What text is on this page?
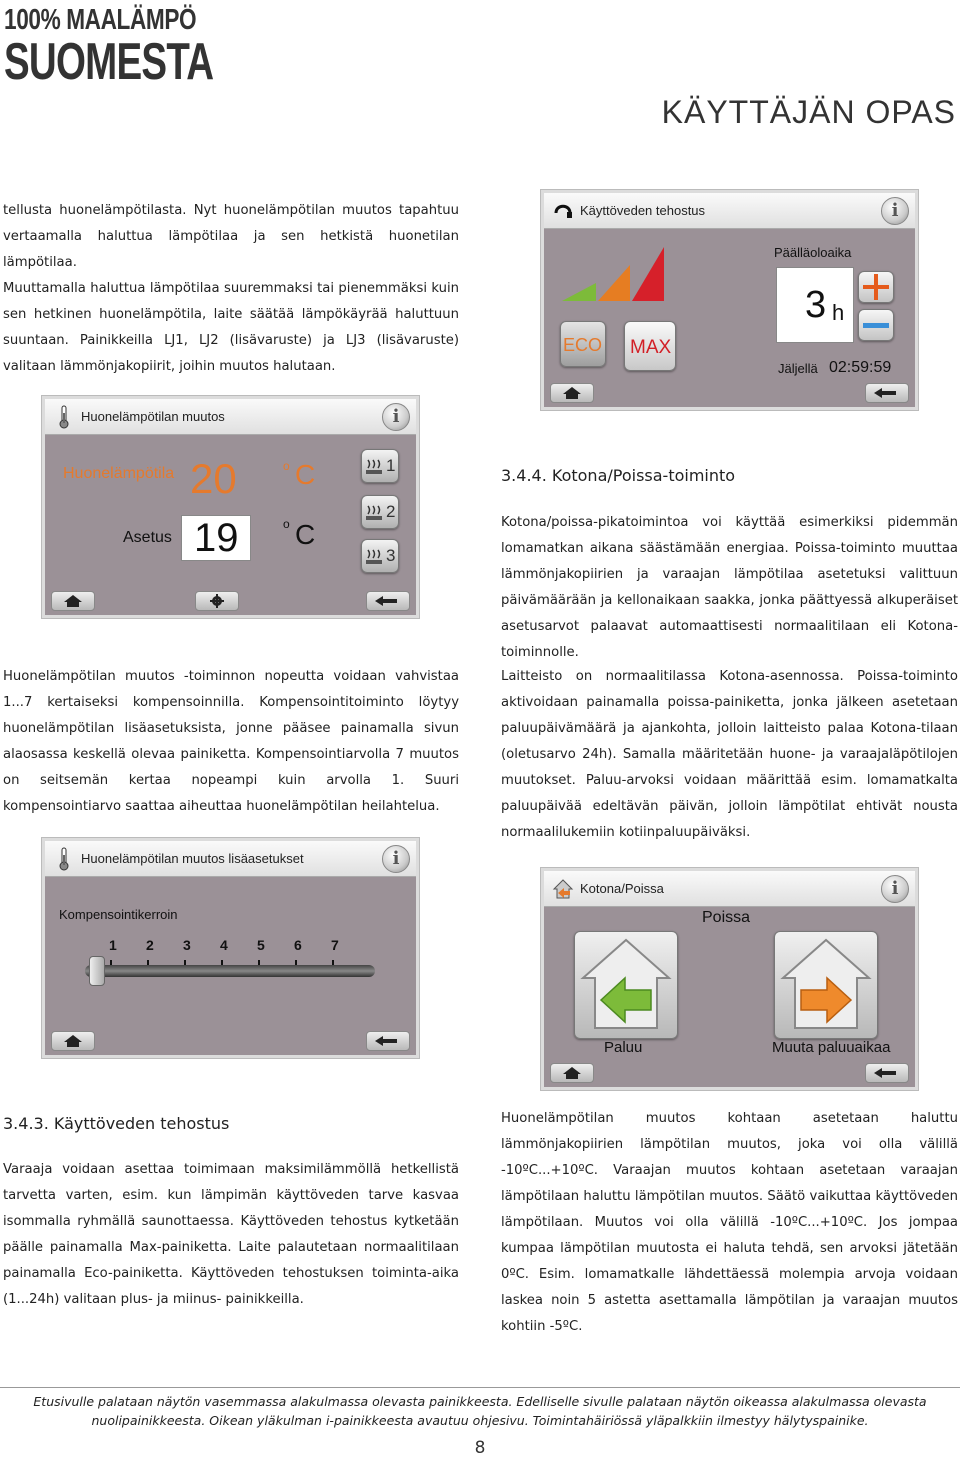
100% MAALÄMPÖ
SUOMESTA
KÄYTTÄJÄN OPAS
tellusta huonelämpötilasta. Nyt huonelämpötilan muutos tapahtuu vertaamalla haluttua lämpötilaa ja sen hetkistä huonetilan lämpötilaa.
Muuttamalla haluttua lämpötilaa suuremmaksi tai pienemmäksi kuin sen hetkinen huonelämpötila, laite säätää lämpökäyrää haluttuun suuntaan. Painikkeilla LJ1, LJ2 (lisävaruste) ja LJ3 (lisävaruste) valitaan lämmönjakopiirit, joihin muutos halutaan.
Käyttöveden tehostus	i
Päälläoloaika
3 h
ECO MAX
Jäljellä 02:59:59
Huonelämpötilan muutos	i
Huonelämpötila 20	o C
Asetus 19	o C
1
2
3
3.4.4. Kotona/Poissa-toiminto
Kotona/poissa-pikatoimintoa voi käyttää esimerkiksi pidemmän lomamatkan aikana säästämään energiaa. Poissa-toiminto muuttaa lämmönjakopiirien ja varaajan lämpötilaa asetetuksi valittuun päivämäärään ja kellonaikaan saakka, jonka päättyessä alkuperäiset asetusarvot palaavat automaattisesti normaalitilaan eli Kotona-toiminnolle.
Huonelämpötilan muutos -toiminnon nopeutta voidaan vahvistaa 1...7 kertaiseksi kompensoinnilla. Kompensointitoiminto löytyy huonelämpötilan lisäasetuksista, jonne pääsee painamalla sivun alaosassa keskellä olevaa painiketta. Kompensointiarvolla 7 muutos on seitsemän kertaa nopeampi kuin arvolla 1. Suuri kompensointiarvo saattaa aiheuttaa huonelämpötilan heilahtelua.
Laitteisto on normaalitilassa Kotona-asennossa. Poissa-toiminto aktivoidaan painamalla poissa-painiketta, jonka jälkeen asetetaan paluupäivämäärä ja ajankohta, jolloin laitteisto palaa Kotona-tilaan (oletusarvo 24h). Samalla määritetään huone- ja varaajaläpötilojen muutokset. Paluu-arvoksi voidaan määrittää esim. lomamatkalta paluupäivää edeltävän päivän, jolloin lämpötilat ehtivät nousta normaalilukemiin kotiinpaluupäiväksi.
Huonelämpötilan muutos lisäasetukset	i
Kompensointikerroin
1 2 3 4 5 6 7
Kotona/Poissa	i
Poissa
Paluu	Muuta paluuaikaa
3.4.3. Käyttöveden tehostus
Varaaja voidaan asettaa toimimaan maksimilämmöllä hetkellistä tarvetta varten, esim. kun lämpimän käyttöveden tarve kasvaa isommalla ryhmällä saunottaessa. Käyttöveden tehostus kytketään päälle painamalla Max-painiketta. Laite palautetaan normaalitilaan painamalla Eco-painiketta. Käyttöveden tehostuksen toiminta-aika (1...24h) valitaan plus- ja miinus- painikkeilla.
Huonelämpötilan muutos kohtaan asetetaan haluttu lämmönjakopiirien lämpötilan muutos, joka voi olla välillä -10ºC...+10ºC. Varaajan muutos kohtaan asetetaan varaajan lämpötilaan haluttu lämpötilan muutos. Säätö vaikuttaa käyttöveden lämpötilaan. Muutos voi olla välillä -10ºC...+10ºC. Jos jompaa kumpaa lämpötilan muutosta ei haluta tehdä, sen arvoksi jätetään 0ºC. Esim. lomamatkalle lähdettäessä molempia arvoja voidaan laskea noin 5 astetta asettamalla lämpötilan ja varaajan muutos kohtiin -5ºC.
Etusivulle palataan näytön vasemmassa alakulmassa olevasta painikkeesta. Edelliselle sivulle palataan näytön oikeassa alakulmassa olevasta nuolipainikkeesta. Oikean yläkulman i-painikkeesta avautuu ohjesivu. Toimintahäiriössä yläpalkkiin ilmestyy hälytyspainike.
8
